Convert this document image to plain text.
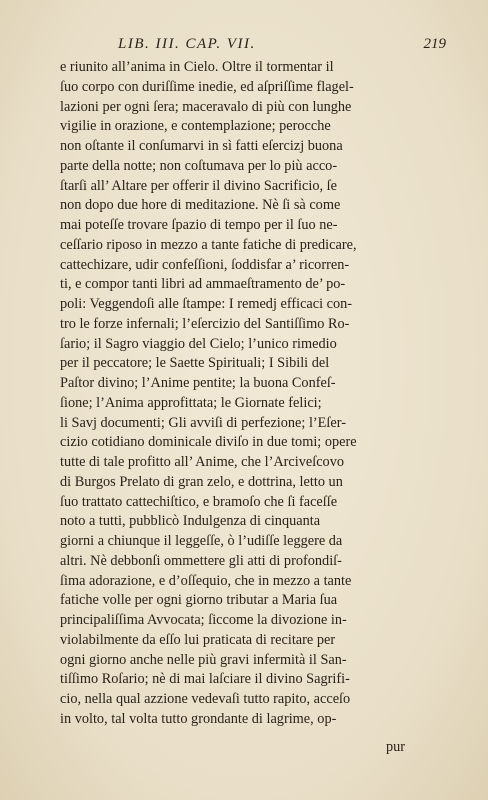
LIB. III. CAP. VII.	219
e riunito all’anima in Cielo. Oltre il tormentar il
ſuo corpo con duriſſime inedie, ed aſpriſſime flagel-
lazioni per ogni ſera; maceravalo di più con lunghe
vigilie in orazione, e contemplazione; perocche
non oſtante il conſumarvi in sì fatti eſercizj buona
parte della notte; non coſtumava per lo più acco-
ſtarſi all’ Altare per offerir il divino Sacrificio, ſe
non dopo due hore di meditazione. Nè ſi sà come
mai poteſſe trovare ſpazio di tempo per il ſuo ne-
ceſſario riposo in mezzo a tante fatiche di predicare,
cattechizare, udir confeſſioni, ſoddisfar a’ ricorren-
ti, e compor tanti libri ad ammaeſtramento de’ po-
poli: Veggendoſi alle ſtampe: I remedj efficaci con-
tro le forze infernali; l’eſercizio del Santiſſimo Ro-
ſario; il Sagro viaggio del Cielo; l’unico rimedio
per il peccatore; le Saette Spirituali; I Sibili del
Paſtor divino; l’Anime pentite; la buona Confeſ-
ſione; l’Anima approfittata; le Giornate felici;
li Savj documenti; Gli avviſi di perfezione; l’Eſer-
cizio cotidiano dominicale diviſo in due tomi; opere
tutte di tale profitto all’ Anime, che l’Arciveſcovo
di Burgos Prelato di gran zelo, e dottrina, letto un
ſuo trattato cattechiſtico, e bramoſo che ſi faceſſe
noto a tutti, pubblicò Indulgenza di cinquanta
giorni a chiunque il leggeſſe, ò l’udiſſe leggere da
altri. Nè debbonſi ommettere gli atti di profondiſ-
ſima adorazione, e d’oſſequio, che in mezzo a tante
fatiche volle per ogni giorno tributar a Maria ſua
principaliſſima Avvocata; ſiccome la divozione in-
violabilmente da eſſo lui praticata di recitare per
ogni giorno anche nelle più gravi infermità il San-
tiſſimo Roſario; nè di mai laſciare il divino Sagrifi-
cio, nella qual azzione vedevaſi tutto rapito, acceſo
in volto, tal volta tutto grondante di lagrime, op-
pur
